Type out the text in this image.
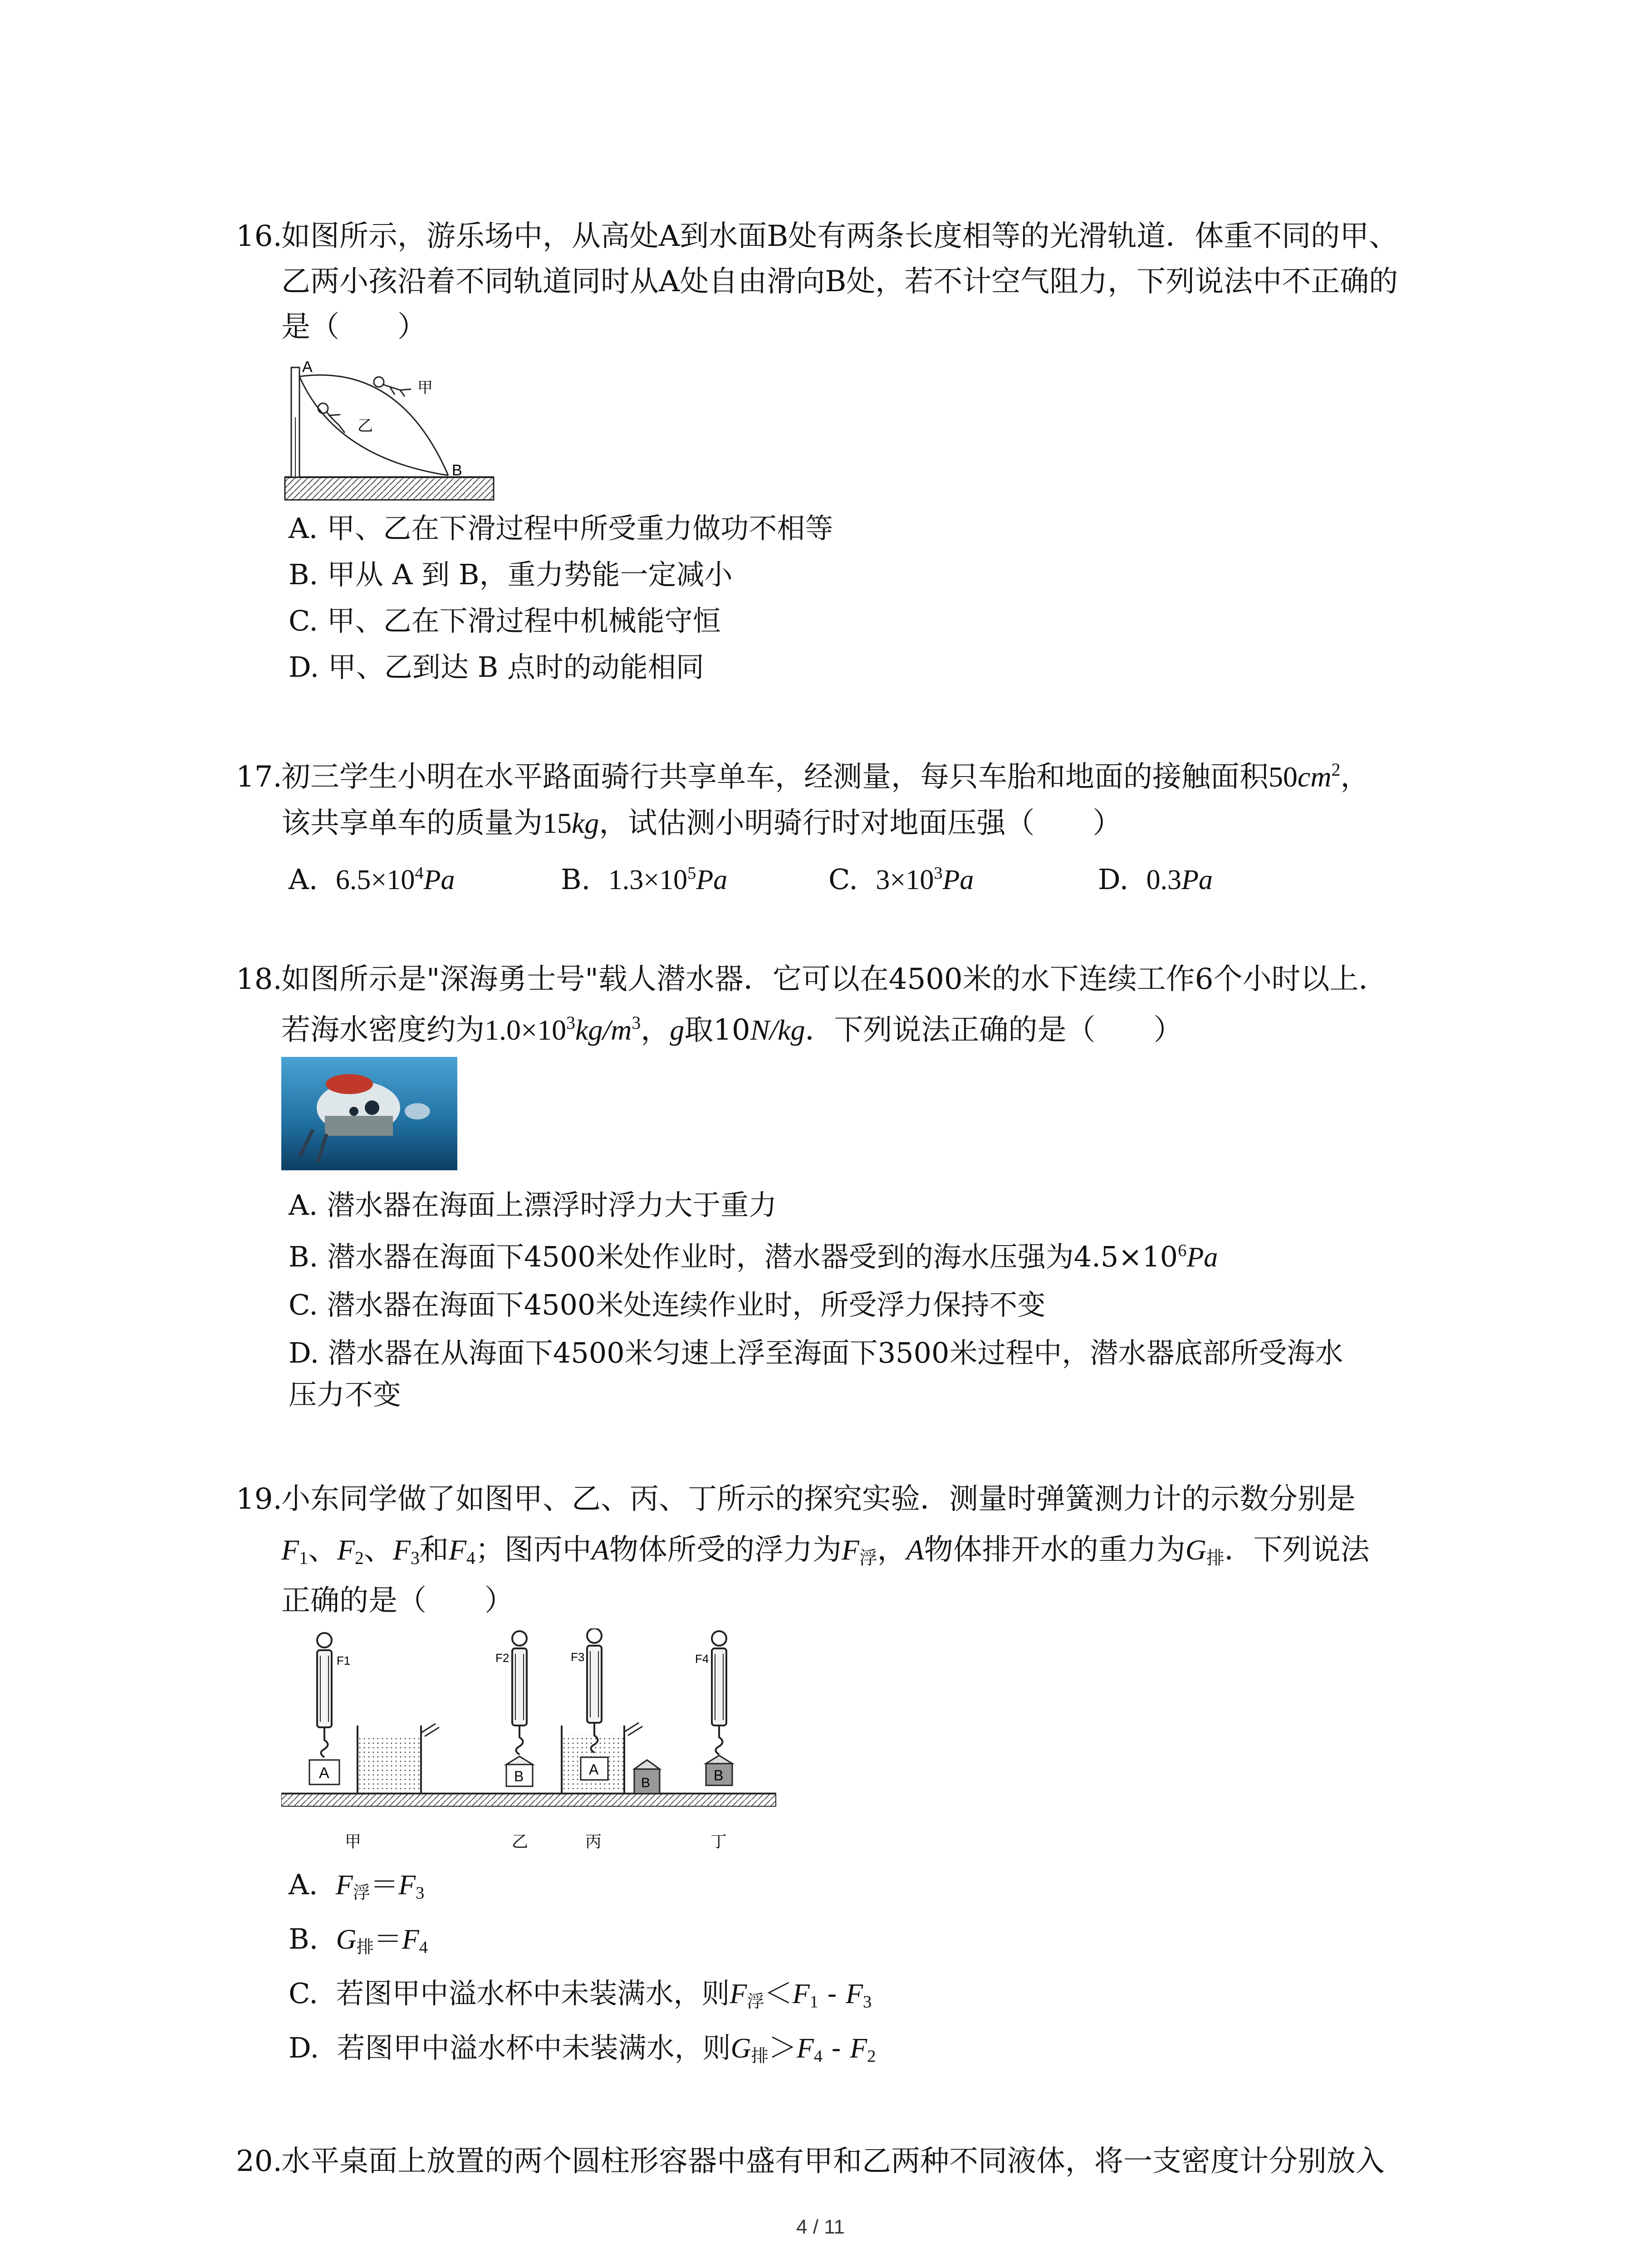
16.
如图所示，游乐场中，从高处A到水面B处有两条长度相等的光滑轨道．体重不同的甲、
乙两小孩沿着不同轨道同时从A处自由滑向B处，若不计空气阻力，下列说法中不正确的
是（　　）
A
B
甲
乙
A. 甲、乙在下滑过程中所受重力做功不相等
B. 甲从 A 到 B，重力势能一定减小
C. 甲、乙在下滑过程中机械能守恒
D. 甲、乙到达 B 点时的动能相同
17.
初三学生小明在水平路面骑行共享单车，经测量，每只车胎和地面的接触面积$50cm^2$，
该共享单车的质量为15kg，试估测小明骑行时对地面压强（　　）
A. $6.5\times 10^4Pa$	B. $1.3\times 10^5Pa$	C. $3\times 10^3Pa$	D. 0.3Pa
18.
如图所示是"深海勇士号"载人潜水器．它可以在4500米的水下连续工作6个小时以上．
若海水密度约为$1.0\times 10^3kg/m^3$，g取10N/kg．下列说法正确的是（　　）
A. 潜水器在海面上漂浮时浮力大于重力
B. 潜水器在海面下4500米处作业时，潜水器受到的海水压强为$4.5\times 10^6Pa$
C. 潜水器在海面下4500米处连续作业时，所受浮力保持不变
D. 潜水器在从海面下4500米匀速上浮至海面下3500米过程中，潜水器底部所受海水
压力不变
19.
小东同学做了如图甲、乙、丙、丁所示的探究实验．测量时弹簧测力计的示数分别是
$F_1$、$F_2$、$F_3$和$F_4$；图丙中A物体所受的浮力为$F_浮$，A物体排开水的重力为$G_排$．下列说法
正确的是（　　）
F1
A
F2
B
F3
A
B
F4
B
甲	乙	丙	丁
A. $F_浮=F_3$
B. $G_排=F_4$
C. 若图甲中溢水杯中未装满水，则$F_浮<F_1 - F_3$
D. 若图甲中溢水杯中未装满水，则$G_排>F_4 - F_2$
20.
水平桌面上放置的两个圆柱形容器中盛有甲和乙两种不同液体，将一支密度计分别放入
4 / 11
